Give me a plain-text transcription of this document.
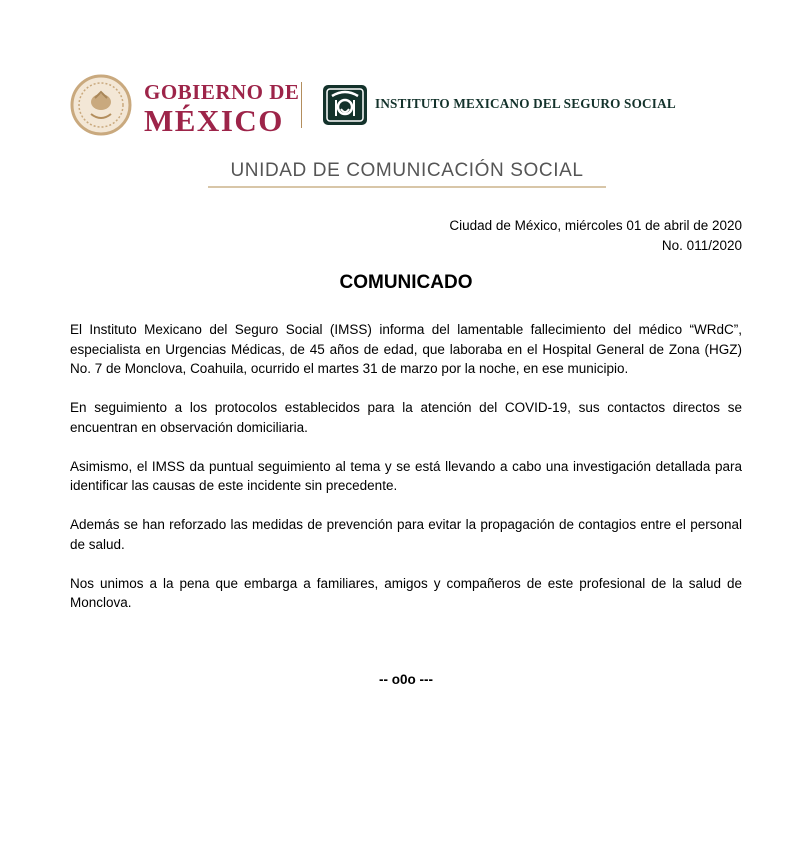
GOBIERNO DE
MÉXICO	INSTITUTO MEXICANO DEL SEGURO SOCIAL
UNIDAD DE COMUNICACIÓN SOCIAL
Ciudad de México, miércoles 01 de abril de 2020
No. 011/2020
COMUNICADO

El Instituto Mexicano del Seguro Social (IMSS) informa del lamentable fallecimiento del médico “WRdC”, especialista en Urgencias Médicas, de 45 años de edad, que laboraba en el Hospital General de Zona (HGZ) No. 7 de Monclova, Coahuila, ocurrido el martes 31 de marzo por la noche, en ese municipio.

En seguimiento a los protocolos establecidos para la atención del COVID-19, sus contactos directos se encuentran en observación domiciliaria.

Asimismo, el IMSS da puntual seguimiento al tema y se está llevando a cabo una investigación detallada para identificar las causas de este incidente sin precedente.

Además se han reforzado las medidas de prevención para evitar la propagación de contagios entre el personal de salud.

Nos unimos a la pena que embarga a familiares, amigos y compañeros de este profesional de la salud de Monclova.

-- o0o ---
